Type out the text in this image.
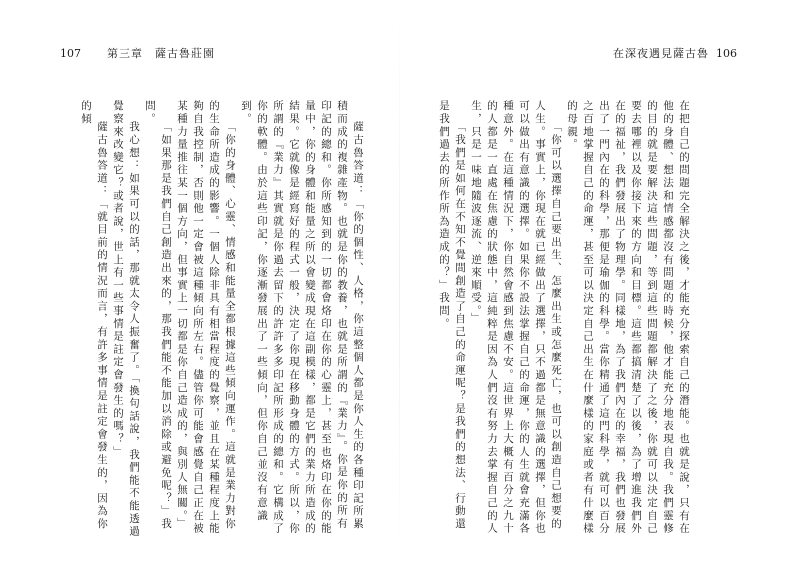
107 第三章　薩古魯莊園	在深夜遇見薩古魯 106

在把自己的問題完全解決之後，才能充分探索自己的潛能。也就是說，只有在他的身體、想法和情感都沒有問題的時候，他才能充分地表現自我。我們靈修的目的就是要解決這些問題，等到這些問題都解決了之後，你就可以決定自己要去哪裡以及你接下來的方向和目標。這些都搞清楚了以後，為了增進我們外在的福祉，我們發展出了物理學。同樣地，為了我們內在的幸福，我們也發展出了一門內在的科學，那便是瑜伽的科學。當你精通了這門科學，就可以百分之百地掌握自己的命運，甚至可以決定自己出生在什麼樣的家庭或者有什麼樣的母親。

「你可以選擇自己要出生、怎麼出生或怎麼死亡，也可以創造自己想要的人生。事實上，你現在就已經做出了選擇，只不過都是無意識的選擇，但你也可以做出有意識的選擇。如果你不設法掌握自己的命運，你的人生就會充滿各種意外。在這種情況下，你自然會感到焦慮不安。這世界上大概有百分之九十的人都是一直處在焦慮的狀態中，這純粹是因為人們沒有努力去掌握自己的人生，只是一味地隨波逐流、逆來順受。」

「我們是如何在不知不覺間創造了自己的命運呢？是我們的想法、行動還是我們過去的所作所為造成的？」我問。

薩古魯答道：「你的個性、人格，你這整個人都是你人生的各種印記所累積而成的複雜產物。也就是你的教養，也就是所謂的『業力』。你是你的所有印記的總和。你所感知到的一切都會烙印在你的心靈上，甚至也烙印在你的能量中，你的身體和能量之所以會變成現在這副模樣，都是它們的業力所造成的結果。它就像是經寫好的程式一般，決定了你現在移動身體的方式。所以，你所謂的『業力』其實就是你過去留下的許許多多印記所形成的總和。它構成了你的軟體。由於這些印記，你逐漸發展出了一些傾向，但你自己並沒有意識到。

「你的身體、心靈、情感和能量全都根據這些傾向運作。這就是業力對你的生命所造成的影響。一個人除非具有相當程度的覺察，並且在某種程度上能夠自我控制，否則他一定會被這種傾向所左右。儘管你可能會感覺自己正在被某種力量推往某一個方向，但事實上一切都是你自己造成的，與別人無關。」

「如果那是我們自己創造出來的，那我們能不能加以消除或避免呢？」我問。

我心想：如果可以的話，那就太令人振奮了。「換句話說，我們能不能透過覺察來改變它？或者說，世上有一些事情是註定會發生的嗎？」

薩古魯答道：「就目前的情況而言，有許多事情是註定會發生的，因為你的傾
